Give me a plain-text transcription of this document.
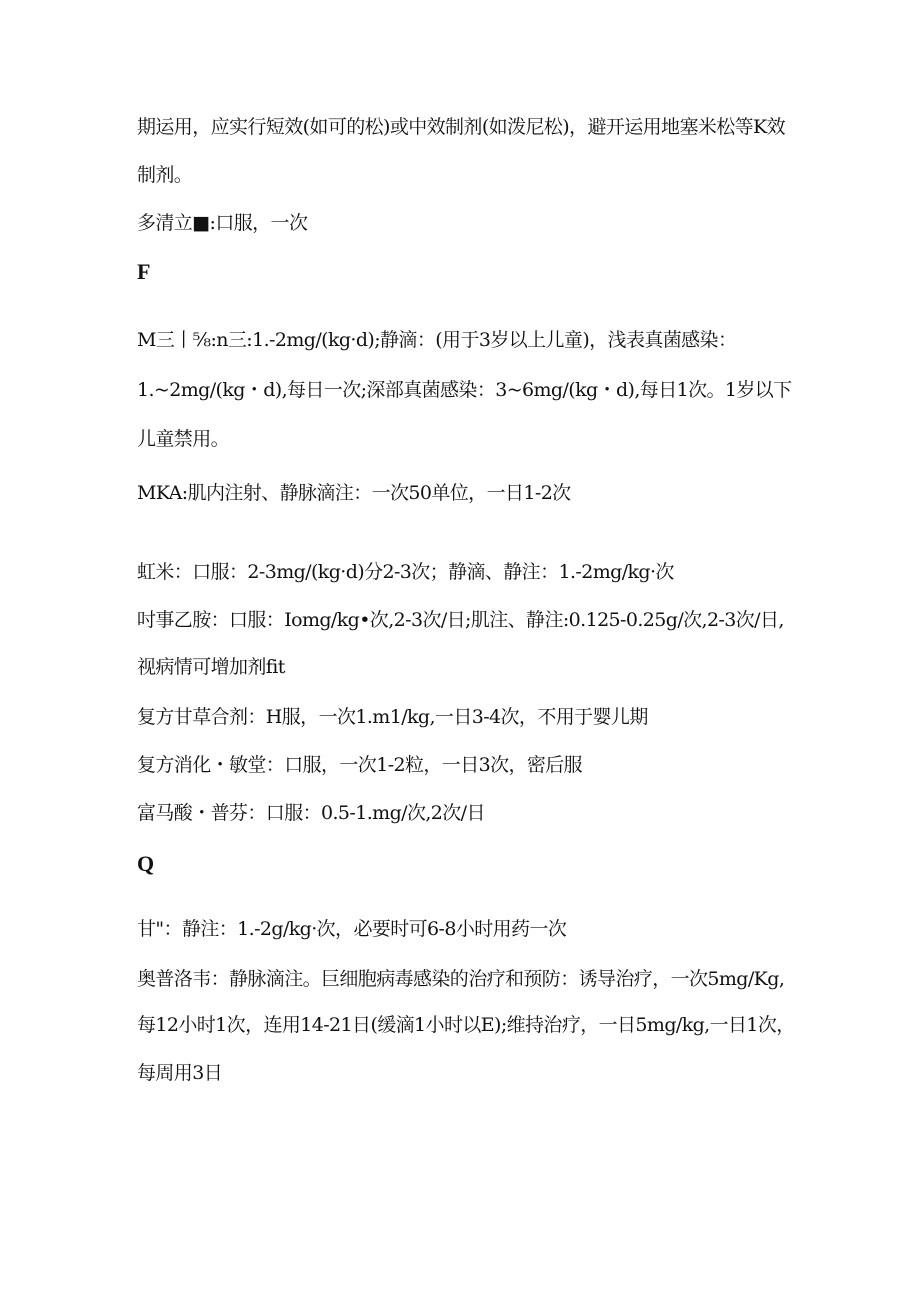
期运用，应实行短效(如可的松)或中效制剂(如泼尼松)，避开运用地塞米松等K效
制剂。
多清立■:口服，一次
F
M三丨⅝:n三:1.-2mg/(kg·d);静滴：(用于3岁以上儿童)，浅表真菌感染：
1.~2mg/(kg・d),每日一次;深部真菌感染：3~6mg/(kg・d),每日1次。1岁以下
儿童禁用。
MKA:肌内注射、静脉滴注：一次50单位，一日1-2次
虹米：口服：2-3mg/(kg·d)分2-3次；静滴、静注：1.-2mg/kg·次
吋事乙胺：口服：Iomg/kg•次,2-3次/日;肌注、静注:0.125-0.25g/次,2-3次/日,
视病情可增加剂fit
复方甘草合剂：H服，一次1.m1/kg,一日3-4次，不用于婴儿期
复方消化・敏堂：口服，一次1-2粒，一日3次，密后服
富马酸・普芬：口服：0.5-1.mg/次,2次/日
Q
甘"：静注：1.-2g/kg·次，必要时可6-8小时用药一次
奥普洛韦：静脉滴注。巨细胞病毒感染的治疗和预防：诱导治疗，一次5mg/Kg,
每12小时1次，连用14-21日(缓滴1小时以E);维持治疗，一日5mg/kg,一日1次，
每周用3日
